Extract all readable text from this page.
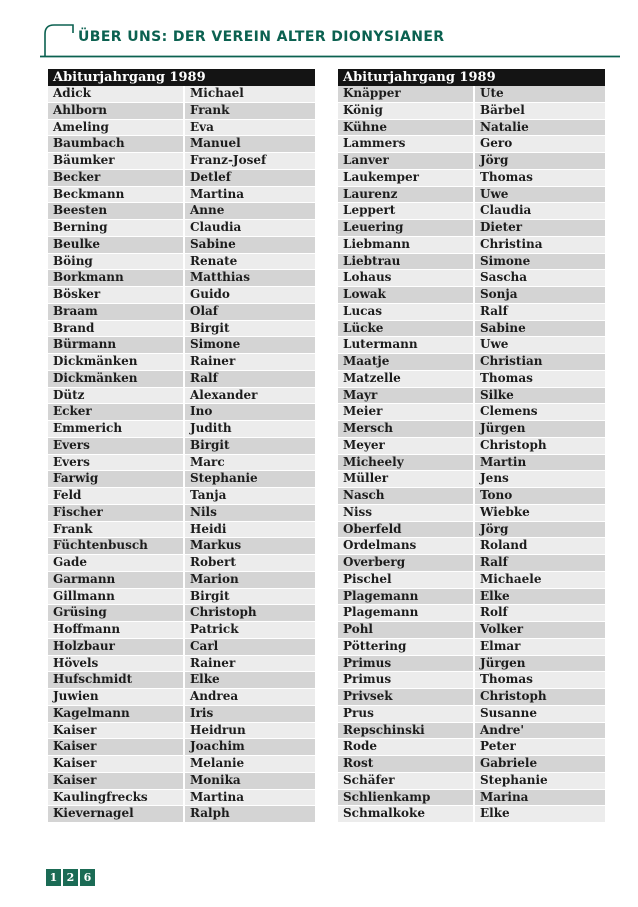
ÜBER UNS: DER VEREIN ALTER DIONYSIANER
Abiturjahrgang 1989
Adick	Michael
Ahlborn	Frank
Ameling	Eva
Baumbach	Manuel
Bäumker	Franz-Josef
Becker	Detlef
Beckmann	Martina
Beesten	Anne
Berning	Claudia
Beulke	Sabine
Böing	Renate
Borkmann	Matthias
Bösker	Guido
Braam	Olaf
Brand	Birgit
Bürmann	Simone
Dickmänken	Rainer
Dickmänken	Ralf
Dütz	Alexander
Ecker	Ino
Emmerich	Judith
Evers	Birgit
Evers	Marc
Farwig	Stephanie
Feld	Tanja
Fischer	Nils
Frank	Heidi
Füchtenbusch	Markus
Gade	Robert
Garmann	Marion
Gillmann	Birgit
Grüsing	Christoph
Hoffmann	Patrick
Holzbaur	Carl
Hövels	Rainer
Hufschmidt	Elke
Juwien	Andrea
Kagelmann	Iris
Kaiser	Heidrun
Kaiser	Joachim
Kaiser	Melanie
Kaiser	Monika
Kaulingfrecks	Martina
Kievernagel	Ralph
Abiturjahrgang 1989
Knäpper	Ute
König	Bärbel
Kühne	Natalie
Lammers	Gero
Lanver	Jörg
Laukemper	Thomas
Laurenz	Uwe
Leppert	Claudia
Leuering	Dieter
Liebmann	Christina
Liebtrau	Simone
Lohaus	Sascha
Lowak	Sonja
Lucas	Ralf
Lücke	Sabine
Lutermann	Uwe
Maatje	Christian
Matzelle	Thomas
Mayr	Silke
Meier	Clemens
Mersch	Jürgen
Meyer	Christoph
Micheely	Martin
Müller	Jens
Nasch	Tono
Niss	Wiebke
Oberfeld	Jörg
Ordelmans	Roland
Overberg	Ralf
Pischel	Michaele
Plagemann	Elke
Plagemann	Rolf
Pohl	Volker
Pöttering	Elmar
Primus	Jürgen
Primus	Thomas
Privsek	Christoph
Prus	Susanne
Repschinski	Andre'
Rode	Peter
Rost	Gabriele
Schäfer	Stephanie
Schlienkamp	Marina
Schmalkoke	Elke
1 2 6
